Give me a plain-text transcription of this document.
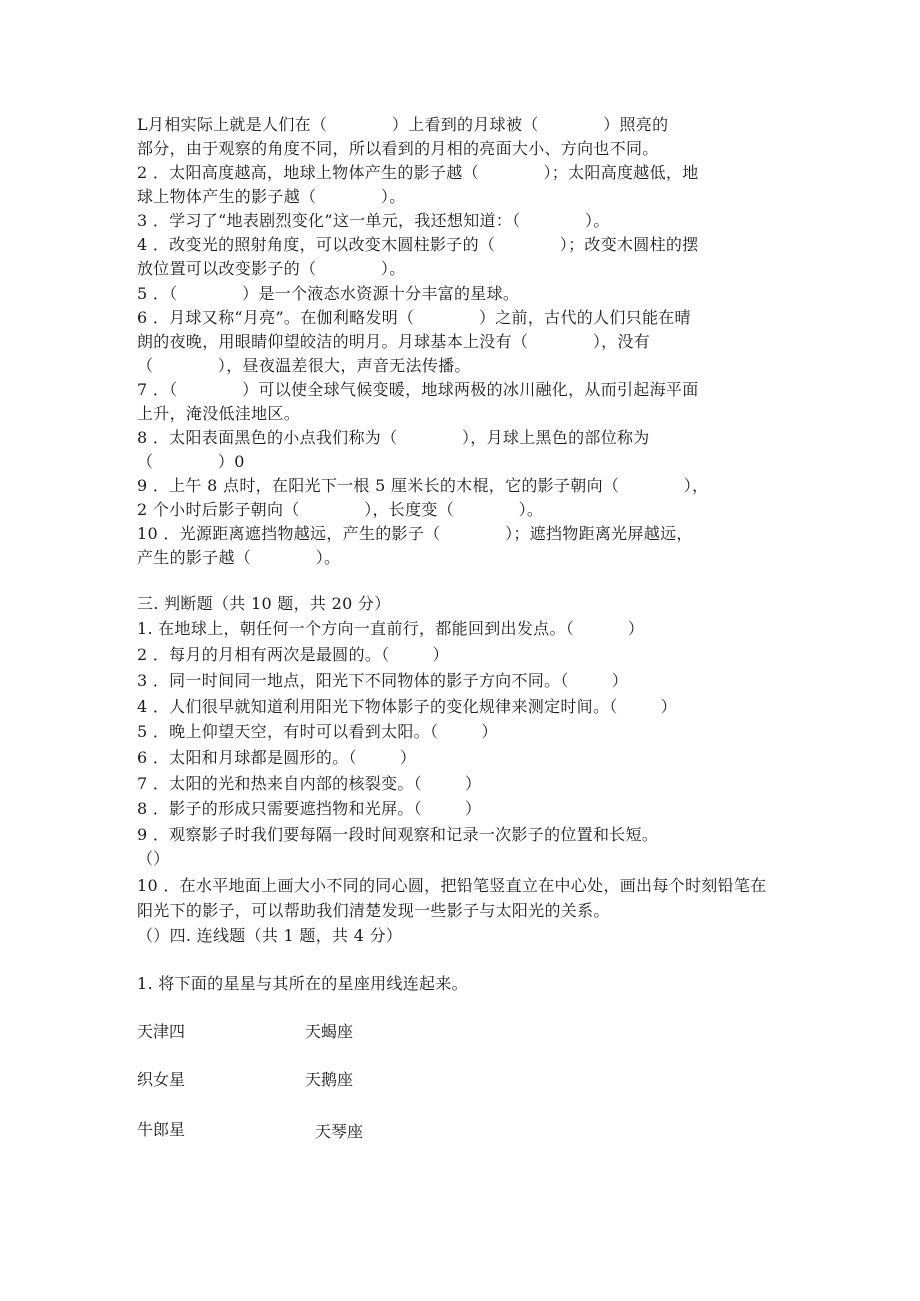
L月相实际上就是人们在（            ）上看到的月球被（            ）照亮的
部分，由于观察的角度不同，所以看到的月相的亮面大小、方向也不同。
2 ．太阳高度越高，地球上物体产生的影子越（            ）；太阳高度越低，地
球上物体产生的影子越（            ）。
3 ．学习了“地表剧烈变化”这一单元，我还想知道：（            ）。
4 ．改变光的照射角度，可以改变木圆柱影子的（            ）；改变木圆柱的摆
放位置可以改变影子的（            ）。
5 ．（            ）是一个液态水资源十分丰富的星球。
6 ．月球又称“月亮”。在伽利略发明（            ）之前，古代的人们只能在晴
朗的夜晚，用眼睛仰望皎洁的明月。月球基本上没有（            ），没有
（            ），昼夜温差很大，声音无法传播。
7 ．（            ）可以使全球气候变暖，地球两极的冰川融化，从而引起海平面
上升，淹没低洼地区。
8 ．太阳表面黑色的小点我们称为（            ），月球上黑色的部位称为
（            ）0
9 ．上午 8 点时，在阳光下一根 5 厘米长的木棍，它的影子朝向（            ），
2 个小时后影子朝向（            ），长度变（            ）。
10 ．光源距离遮挡物越远，产生的影子（            ）；遮挡物距离光屏越远，
产生的影子越（            ）。
三. 判断题（共 10 题，共 20 分）
1. 在地球上，朝任何一个方向一直前行，都能回到出发点。（          ）
2 ．每月的月相有两次是最圆的。（        ）
3 ．同一时间同一地点，阳光下不同物体的影子方向不同。（        ）
4 ．人们很早就知道利用阳光下物体影子的变化规律来测定时间。（        ）
5 ．晚上仰望天空，有时可以看到太阳。（        ）
6 ．太阳和月球都是圆形的。（        ）
7 ．太阳的光和热来自内部的核裂变。（        ）
8 ．影子的形成只需要遮挡物和光屏。（        ）
9 ．观察影子时我们要每隔一段时间观察和记录一次影子的位置和长短。
（）
10 ．在水平地面上画大小不同的同心圆，把铅笔竖直立在中心处，画出每个时刻铅笔在
阳光下的影子，可以帮助我们清楚发现一些影子与太阳光的关系。
（）四. 连线题（共 1 题，共 4 分）
1. 将下面的星星与其所在的星座用线连起来。
天津四	天蝎座
织女星	天鹅座
牛郎星	天琴座
